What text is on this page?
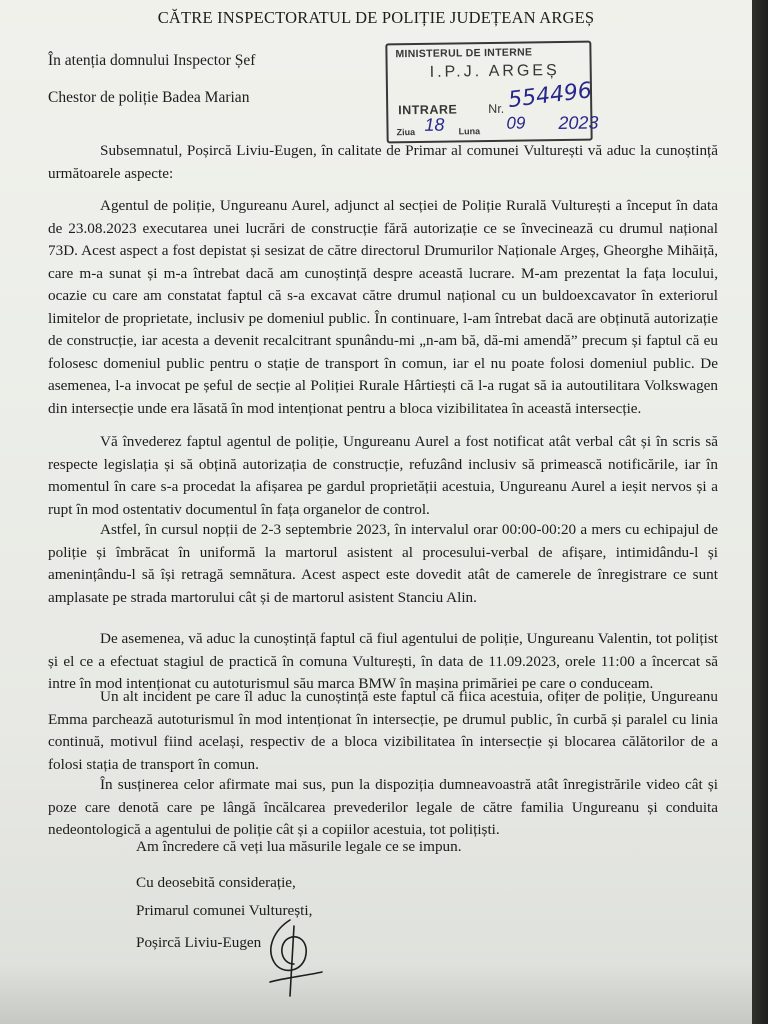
CĂTRE INSPECTORATUL DE POLIȚIE JUDEȚEAN ARGEȘ
În atenția domnului Inspector Șef
Chestor de poliție Badea Marian
MINISTERUL DE INTERNE
I.P.J. ARGEȘ
INTRARE Nr. 554496
Ziua 18 Luna 09 2023

Subsemnatul, Poșircă Liviu-Eugen, în calitate de Primar al comunei Vulturești vă aduc la cunoștință următoarele aspecte:

Agentul de poliție, Ungureanu Aurel, adjunct al secției de Poliție Rurală Vulturești a început în data de 23.08.2023 executarea unei lucrări de construcție fără autorizație ce se învecinează cu drumul național 73D. Acest aspect a fost depistat și sesizat de către directorul Drumurilor Naționale Argeș, Gheorghe Mihăiță, care m-a sunat și m-a întrebat dacă am cunoștință despre această lucrare. M-am prezentat la fața locului, ocazie cu care am constatat faptul că s-a excavat către drumul național cu un buldoexcavator în exteriorul limitelor de proprietate, inclusiv pe domeniul public. În continuare, l-am întrebat dacă are obținută autorizație de construcție, iar acesta a devenit recalcitrant spunându-mi „n-am bă, dă-mi amendă” precum și faptul că eu folosesc domeniul public pentru o stație de transport în comun, iar el nu poate folosi domeniul public. De asemenea, l-a invocat pe șeful de secție al Poliției Rurale Hârtiești că l-a rugat să ia autoutilitara Volkswagen din intersecție unde era lăsată în mod intenționat pentru a bloca vizibilitatea în această intersecție.

Vă învederez faptul agentul de poliție, Ungureanu Aurel a fost notificat atât verbal cât și în scris să respecte legislația și să obțină autorizația de construcție, refuzând inclusiv să primească notificările, iar în momentul în care s-a procedat la afișarea pe gardul proprietății acestuia, Ungureanu Aurel a ieșit nervos și a rupt în mod ostentativ documentul în fața organelor de control.

Astfel, în cursul nopții de 2-3 septembrie 2023, în intervalul orar 00:00-00:20 a mers cu echipajul de poliție și îmbrăcat în uniformă la martorul asistent al procesului-verbal de afișare, intimidându-l și amenințându-l să își retragă semnătura. Acest aspect este dovedit atât de camerele de înregistrare ce sunt amplasate pe strada martorului cât și de martorul asistent Stanciu Alin.

De asemenea, vă aduc la cunoștință faptul că fiul agentului de poliție, Ungureanu Valentin, tot polițist și el ce a efectuat stagiul de practică în comuna Vulturești, în data de 11.09.2023, orele 11:00 a încercat să intre în mod intenționat cu autoturismul său marca BMW în mașina primăriei pe care o conduceam.

Un alt incident pe care îl aduc la cunoștință este faptul că fiica acestuia, ofițer de poliție, Ungureanu Emma parchează autoturismul în mod intenționat în intersecție, pe drumul public, în curbă și paralel cu linia continuă, motivul fiind același, respectiv de a bloca vizibilitatea în intersecție și blocarea călătorilor de a folosi stația de transport în comun.

În susținerea celor afirmate mai sus, pun la dispoziția dumneavoastră atât înregistrările video cât și poze care denotă care pe lângă încălcarea prevederilor legale de către familia Ungureanu și conduita nedeontologică a agentului de poliție cât și a copiilor acestuia, tot polițiști.

Am încredere că veți lua măsurile legale ce se impun.
Cu deosebită considerație,
Primarul comunei Vulturești,
Poșircă Liviu-Eugen
